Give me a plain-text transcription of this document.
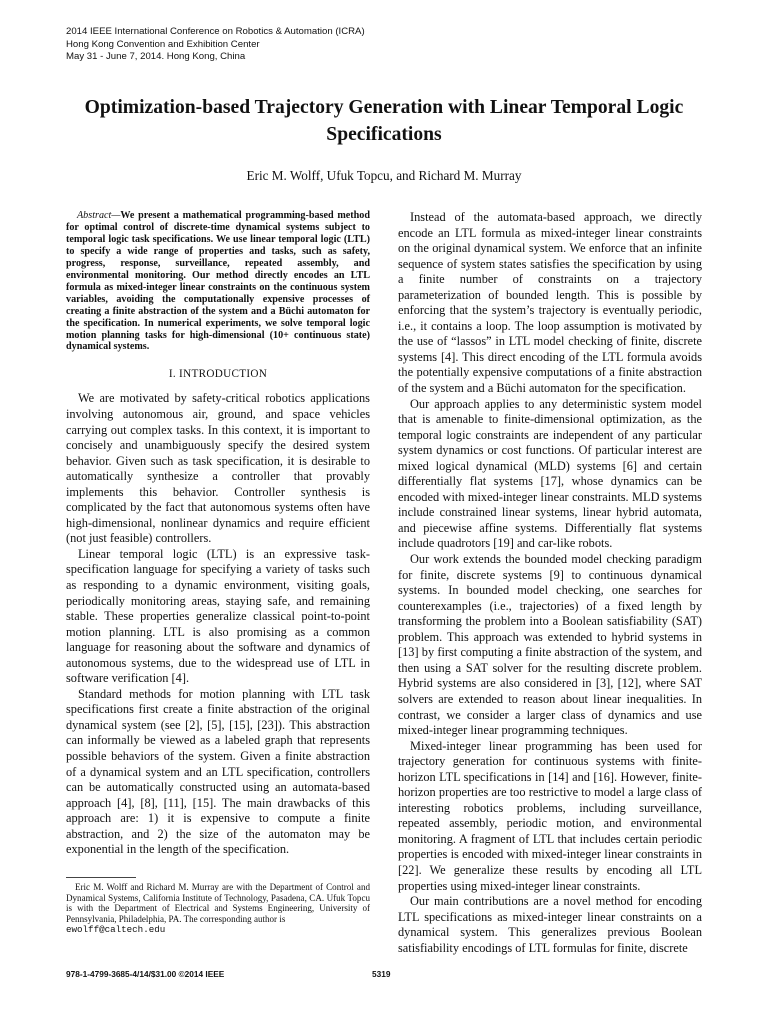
2014 IEEE International Conference on Robotics & Automation (ICRA)
Hong Kong Convention and Exhibition Center
May 31 - June 7, 2014. Hong Kong, China
Optimization-based Trajectory Generation with Linear Temporal Logic Specifications
Eric M. Wolff, Ufuk Topcu, and Richard M. Murray

Abstract—We present a mathematical programming-based method for optimal control of discrete-time dynamical systems subject to temporal logic task specifications. We use linear temporal logic (LTL) to specify a wide range of properties and tasks, such as safety, progress, response, surveillance, repeated assembly, and environmental monitoring. Our method directly encodes an LTL formula as mixed-integer linear constraints on the continuous system variables, avoiding the computationally expensive processes of creating a finite abstraction of the system and a Büchi automaton for the specification. In numerical experiments, we solve temporal logic motion planning tasks for high-dimensional (10+ continuous state) dynamical systems.

I. INTRODUCTION

We are motivated by safety-critical robotics applications involving autonomous air, ground, and space vehicles carrying out complex tasks. In this context, it is important to concisely and unambiguously specify the desired system behavior. Given such as task specification, it is desirable to automatically synthesize a controller that provably implements this behavior. Controller synthesis is complicated by the fact that autonomous systems often have high-dimensional, nonlinear dynamics and require efficient (not just feasible) controllers.

Linear temporal logic (LTL) is an expressive task-specification language for specifying a variety of tasks such as responding to a dynamic environment, visiting goals, periodically monitoring areas, staying safe, and remaining stable. These properties generalize classical point-to-point motion planning. LTL is also promising as a common language for reasoning about the software and dynamics of autonomous systems, due to the widespread use of LTL in software verification [4].

Standard methods for motion planning with LTL task specifications first create a finite abstraction of the original dynamical system (see [2], [5], [15], [23]). This abstraction can informally be viewed as a labeled graph that represents possible behaviors of the system. Given a finite abstraction of a dynamical system and an LTL specification, controllers can be automatically constructed using an automata-based approach [4], [8], [11], [15]. The main drawbacks of this approach are: 1) it is expensive to compute a finite abstraction, and 2) the size of the automaton may be exponential in the length of the specification.

Eric M. Wolff and Richard M. Murray are with the Department of Control and Dynamical Systems, California Institute of Technology, Pasadena, CA. Ufuk Topcu is with the Department of Electrical and Systems Engineering, University of Pennsylvania, Philadelphia, PA. The corresponding author is
ewolff@caltech.edu

Instead of the automata-based approach, we directly encode an LTL formula as mixed-integer linear constraints on the original dynamical system. We enforce that an infinite sequence of system states satisfies the specification by using a finite number of constraints on a trajectory parameterization of bounded length. This is possible by enforcing that the system’s trajectory is eventually periodic, i.e., it contains a loop. The loop assumption is motivated by the use of “lassos” in LTL model checking of finite, discrete systems [4]. This direct encoding of the LTL formula avoids the potentially expensive computations of a finite abstraction of the system and a Büchi automaton for the specification.

Our approach applies to any deterministic system model that is amenable to finite-dimensional optimization, as the temporal logic constraints are independent of any particular system dynamics or cost functions. Of particular interest are mixed logical dynamical (MLD) systems [6] and certain differentially flat systems [17], whose dynamics can be encoded with mixed-integer linear constraints. MLD systems include constrained linear systems, linear hybrid automata, and piecewise affine systems. Differentially flat systems include quadrotors [19] and car-like robots.

Our work extends the bounded model checking paradigm for finite, discrete systems [9] to continuous dynamical systems. In bounded model checking, one searches for counterexamples (i.e., trajectories) of a fixed length by transforming the problem into a Boolean satisfiability (SAT) problem. This approach was extended to hybrid systems in [13] by first computing a finite abstraction of the system, and then using a SAT solver for the resulting discrete problem. Hybrid systems are also considered in [3], [12], where SAT solvers are extended to reason about linear inequalities. In contrast, we consider a larger class of dynamics and use mixed-integer linear programming techniques.

Mixed-integer linear programming has been used for trajectory generation for continuous systems with finite-horizon LTL specifications in [14] and [16]. However, finite-horizon properties are too restrictive to model a large class of interesting robotics problems, including surveillance, repeated assembly, periodic motion, and environmental monitoring. A fragment of LTL that includes certain periodic properties is encoded with mixed-integer linear constraints in [22]. We generalize these results by encoding all LTL properties using mixed-integer linear constraints.

Our main contributions are a novel method for encoding LTL specifications as mixed-integer linear constraints on a dynamical system. This generalizes previous Boolean satisfiability encodings of LTL formulas for finite, discrete

978-1-4799-3685-4/14/$31.00 ©2014 IEEE	5319
